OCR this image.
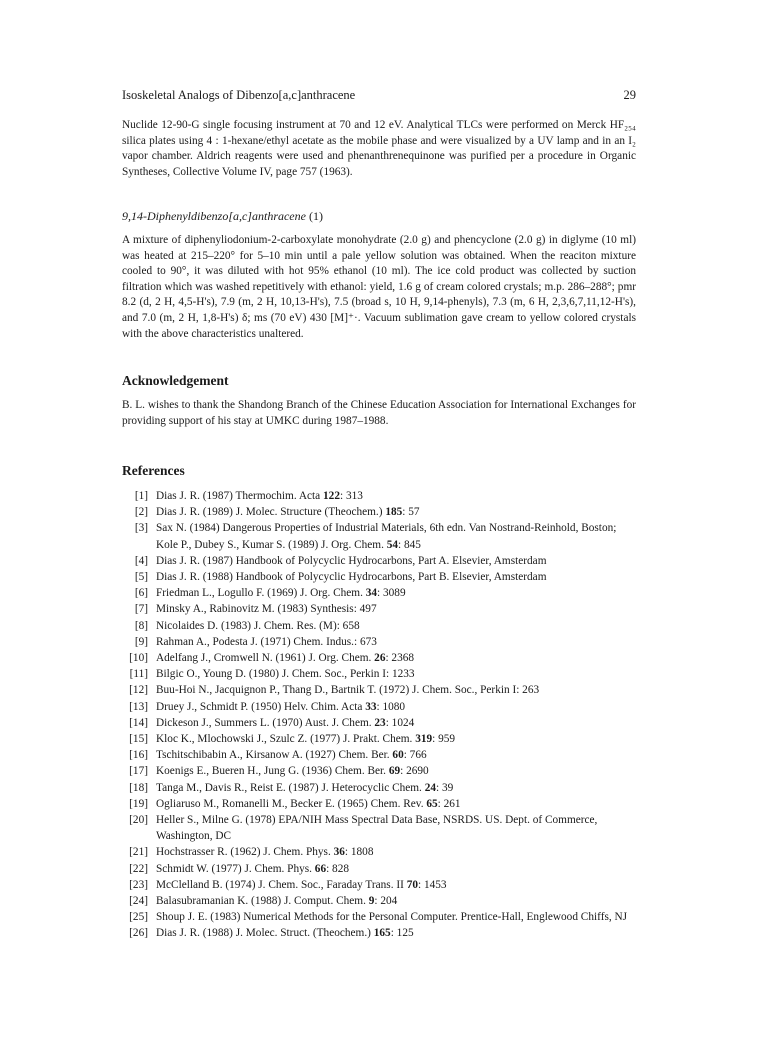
Isoskeletal Analogs of Dibenzo[a,c]anthracene	29

Nuclide 12-90-G single focusing instrument at 70 and 12 eV. Analytical TLCs were performed on Merck HF₂₅₄ silica plates using 4 : 1-hexane/ethyl acetate as the mobile phase and were visualized by a UV lamp and in an I₂ vapor chamber. Aldrich reagents were used and phenanthrenequinone was purified per a procedure in Organic Syntheses, Collective Volume IV, page 757 (1963).

9,14-Diphenyldibenzo[a,c]anthracene (1)

A mixture of diphenyliodonium-2-carboxylate monohydrate (2.0 g) and phencyclone (2.0 g) in diglyme (10 ml) was heated at 215–220° for 5–10 min until a pale yellow solution was obtained. When the reaciton mixture cooled to 90°, it was diluted with hot 95% ethanol (10 ml). The ice cold product was collected by suction filtration which was washed repetitively with ethanol: yield, 1.6 g of cream colored crystals; m.p. 286–288°; pmr 8.2 (d, 2 H, 4,5-H's), 7.9 (m, 2 H, 10,13-H's), 7.5 (broad s, 10 H, 9,14-phenyls), 7.3 (m, 6 H, 2,3,6,7,11,12-H's), and 7.0 (m, 2 H, 1,8-H's) δ; ms (70 eV) 430 [M]⁺·. Vacuum sublimation gave cream to yellow colored crystals with the above characteristics unaltered.

Acknowledgement

B. L. wishes to thank the Shandong Branch of the Chinese Education Association for International Exchanges for providing support of his stay at UMKC during 1987–1988.

References
[1] Dias J. R. (1987) Thermochim. Acta 122: 313
[2] Dias J. R. (1989) J. Molec. Structure (Theochem.) 185: 57
[3] Sax N. (1984) Dangerous Properties of Industrial Materials, 6th edn. Van Nostrand-Reinhold, Boston; Kole P., Dubey S., Kumar S. (1989) J. Org. Chem. 54: 845
[4] Dias J. R. (1987) Handbook of Polycyclic Hydrocarbons, Part A. Elsevier, Amsterdam
[5] Dias J. R. (1988) Handbook of Polycyclic Hydrocarbons, Part B. Elsevier, Amsterdam
[6] Friedman L., Logullo F. (1969) J. Org. Chem. 34: 3089
[7] Minsky A., Rabinovitz M. (1983) Synthesis: 497
[8] Nicolaides D. (1983) J. Chem. Res. (M): 658
[9] Rahman A., Podesta J. (1971) Chem. Indus.: 673
[10] Adelfang J., Cromwell N. (1961) J. Org. Chem. 26: 2368
[11] Bilgic O., Young D. (1980) J. Chem. Soc., Perkin I: 1233
[12] Buu-Hoi N., Jacquignon P., Thang D., Bartnik T. (1972) J. Chem. Soc., Perkin I: 263
[13] Druey J., Schmidt P. (1950) Helv. Chim. Acta 33: 1080
[14] Dickeson J., Summers L. (1970) Aust. J. Chem. 23: 1024
[15] Kloc K., Mlochowski J., Szulc Z. (1977) J. Prakt. Chem. 319: 959
[16] Tschitschibabin A., Kirsanow A. (1927) Chem. Ber. 60: 766
[17] Koenigs E., Bueren H., Jung G. (1936) Chem. Ber. 69: 2690
[18] Tanga M., Davis R., Reist E. (1987) J. Heterocyclic Chem. 24: 39
[19] Ogliaruso M., Romanelli M., Becker E. (1965) Chem. Rev. 65: 261
[20] Heller S., Milne G. (1978) EPA/NIH Mass Spectral Data Base, NSRDS. US. Dept. of Commerce, Washington, DC
[21] Hochstrasser R. (1962) J. Chem. Phys. 36: 1808
[22] Schmidt W. (1977) J. Chem. Phys. 66: 828
[23] McClelland B. (1974) J. Chem. Soc., Faraday Trans. II 70: 1453
[24] Balasubramanian K. (1988) J. Comput. Chem. 9: 204
[25] Shoup J. E. (1983) Numerical Methods for the Personal Computer. Prentice-Hall, Englewood Chiffs, NJ
[26] Dias J. R. (1988) J. Molec. Struct. (Theochem.) 165: 125
